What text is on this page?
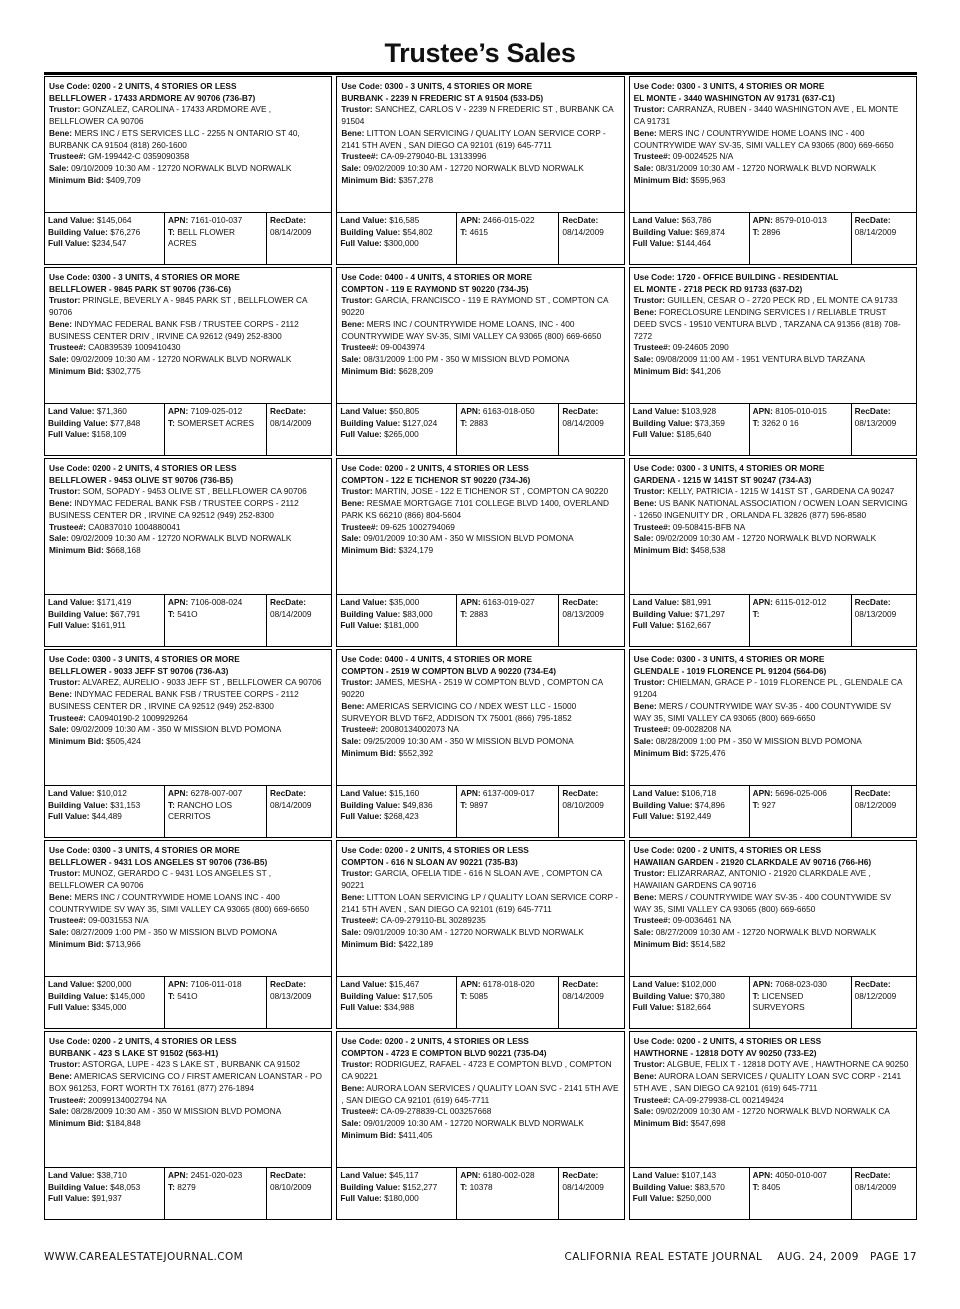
Trustee’s Sales
Use Code: 0200 - 2 UNITS, 4 STORIES OR LESS
BELLFLOWER - 17433 ARDMORE AV 90706 (736-B7)
Trustor: GONZALEZ, CAROLINA - 17433 ARDMORE AVE , BELLFLOWER CA 90706
Bene: MERS INC / ETS SERVICES LLC - 2255 N ONTARIO ST 40, BURBANK CA 91504 (818) 260-1600
Trustee#: GM-199442-C 0359090358
Sale: 09/10/2009 10:30 AM - 12720 NORWALK BLVD NORWALK
Minimum Bid: $409,709
Land Value: $145,064
Building Value: $76,276
Full Value: $234,547
APN: 7161-010-037
T: BELL FLOWER ACRES
RecDate:
08/14/2009
Use Code: 0300 - 3 UNITS, 4 STORIES OR MORE
BURBANK - 2239 N FREDERIC ST A 91504 (533-D5)
Trustor: SANCHEZ, CARLOS V - 2239 N FREDERIC ST , BURBANK CA 91504
Bene: LITTON LOAN SERVICING / QUALITY LOAN SERVICE CORP - 2141 5TH AVEN , SAN DIEGO CA 92101 (619) 645-7711
Trustee#: CA-09-279040-BL 13133996
Sale: 09/02/2009 10:30 AM - 12720 NORWALK BLVD NORWALK
Minimum Bid: $357,278
Land Value: $16,585
Building Value: $54,802
Full Value: $300,000
APN: 2466-015-022
T: 4615
RecDate:
08/14/2009
Use Code: 0300 - 3 UNITS, 4 STORIES OR MORE
EL MONTE - 3440 WASHINGTON AV 91731 (637-C1)
Trustor: CARRANZA, RUBEN - 3440 WASHINGTON AVE , EL MONTE CA 91731
Bene: MERS INC / COUNTRYWIDE HOME LOANS INC - 400 COUNTRYWIDE WAY SV-35, SIMI VALLEY CA 93065 (800) 669-6650
Trustee#: 09-0024525 N/A
Sale: 08/31/2009 10:30 AM - 12720 NORWALK BLVD NORWALK
Minimum Bid: $595,963
Land Value: $63,786
Building Value: $69,874
Full Value: $144,464
APN: 8579-010-013
T: 2896
RecDate:
08/14/2009
Use Code: 0300 - 3 UNITS, 4 STORIES OR MORE
BELLFLOWER - 9845 PARK ST 90706 (736-C6)
Trustor: PRINGLE, BEVERLY A - 9845 PARK ST , BELLFLOWER CA 90706
Bene: INDYMAC FEDERAL BANK FSB / TRUSTEE CORPS - 2112 BUSINESS CENTER DRIV , IRVINE CA 92612 (949) 252-8300
Trustee#: CA0839539 1009410430
Sale: 09/02/2009 10:30 AM - 12720 NORWALK BLVD NORWALK
Minimum Bid: $302,775
Land Value: $71,360
Building Value: $77,848
Full Value: $158,109
APN: 7109-025-012
T: SOMERSET ACRES
RecDate:
08/14/2009
Use Code: 0400 - 4 UNITS, 4 STORIES OR MORE
COMPTON - 119 E RAYMOND ST 90220 (734-J5)
Trustor: GARCIA, FRANCISCO - 119 E RAYMOND ST , COMPTON CA 90220
Bene: MERS INC / COUNTRYWIDE HOME LOANS, INC - 400 COUNTRYWIDE WAY SV-35, SIMI VALLEY CA 93065 (800) 669-6650
Trustee#: 09-0043974
Sale: 08/31/2009 1:00 PM - 350 W MISSION BLVD POMONA
Minimum Bid: $628,209
Land Value: $50,805
Building Value: $127,024
Full Value: $265,000
APN: 6163-018-050
T: 2883
RecDate:
08/14/2009
Use Code: 1720 - OFFICE BUILDING - RESIDENTIAL
EL MONTE - 2718 PECK RD 91733 (637-D2)
Trustor: GUILLEN, CESAR O - 2720 PECK RD , EL MONTE CA 91733
Bene: FORECLOSURE LENDING SERVICES I / RELIABLE TRUST DEED SVCS - 19510 VENTURA BLVD , TARZANA CA 91356 (818) 708-7272
Trustee#: 09-24605 2090
Sale: 09/08/2009 11:00 AM - 1951 VENTURA BLVD TARZANA
Minimum Bid: $41,206
Land Value: $103,928
Building Value: $73,359
Full Value: $185,640
APN: 8105-010-015
T: 3262 0 16
RecDate:
08/13/2009
Use Code: 0200 - 2 UNITS, 4 STORIES OR LESS
BELLFLOWER - 9453 OLIVE ST 90706 (736-B5)
Trustor: SOM, SOPADY - 9453 OLIVE ST , BELLFLOWER CA 90706
Bene: INDYMAC FEDERAL BANK FSB / TRUSTEE CORPS - 2112 BUSINESS CENTER DR , IRVINE CA 92512 (949) 252-8300
Trustee#: CA0837010 1004880041
Sale: 09/02/2009 10:30 AM - 12720 NORWALK BLVD NORWALK
Minimum Bid: $668,168
Land Value: $171,419
Building Value: $67,791
Full Value: $161,911
APN: 7106-008-024
T: 541O
RecDate:
08/14/2009
Use Code: 0200 - 2 UNITS, 4 STORIES OR LESS
COMPTON - 122 E TICHENOR ST 90220 (734-J6)
Trustor: MARTIN, JOSE - 122 E TICHENOR ST , COMPTON CA 90220
Bene: RESMAE MORTGAGE 7101 COLLEGE BLVD 1400, OVERLAND PARK KS 66210 (866) 804-5604
Trustee#: 09-625 1002794069
Sale: 09/01/2009 10:30 AM - 350 W MISSION BLVD POMONA
Minimum Bid: $324,179
Land Value: $35,000
Building Value: $83,000
Full Value: $181,000
APN: 6163-019-027
T: 2883
RecDate:
08/13/2009
Use Code: 0300 - 3 UNITS, 4 STORIES OR MORE
GARDENA - 1215 W 141ST ST 90247 (734-A3)
Trustor: KELLY, PATRICIA - 1215 W 141ST ST , GARDENA CA 90247
Bene: US BANK NATIONAL ASSOCIATION / OCWEN LOAN SERVICING - 12650 INGENUITY DR , ORLANDA FL 32826 (877) 596-8580
Trustee#: 09-508415-BFB NA
Sale: 09/02/2009 10:30 AM - 12720 NORWALK BLVD NORWALK
Minimum Bid: $458,538
Land Value: $81,991
Building Value: $71,297
Full Value: $162,667
APN: 6115-012-012
T:
RecDate:
08/13/2009
Use Code: 0300 - 3 UNITS, 4 STORIES OR MORE
BELLFLOWER - 9033 JEFF ST 90706 (736-A3)
Trustor: ALVAREZ, AURELIO - 9033 JEFF ST , BELLFLOWER CA 90706
Bene: INDYMAC FEDERAL BANK FSB / TRUSTEE CORPS - 2112 BUSINESS CENTER DR , IRVINE CA 92512 (949) 252-8300
Trustee#: CA0940190-2 1009929264
Sale: 09/02/2009 10:30 AM - 350 W MISSION BLVD POMONA
Minimum Bid: $505,424
Land Value: $10,012
Building Value: $31,153
Full Value: $44,489
APN: 6278-007-007
T: RANCHO LOS CERRITOS
RecDate:
08/14/2009
Use Code: 0400 - 4 UNITS, 4 STORIES OR MORE
COMPTON - 2519 W COMPTON BLVD A 90220 (734-E4)
Trustor: JAMES, MESHA - 2519 W COMPTON BLVD , COMPTON CA 90220
Bene: AMERICAS SERVICING CO / NDEX WEST LLC - 15000 SURVEYOR BLVD T6F2, ADDISON TX 75001 (866) 795-1852
Trustee#: 20080134002073 NA
Sale: 09/25/2009 10:30 AM - 350 W MISSION BLVD POMONA
Minimum Bid: $552,392
Land Value: $15,160
Building Value: $49,836
Full Value: $268,423
APN: 6137-009-017
T: 9897
RecDate:
08/10/2009
Use Code: 0300 - 3 UNITS, 4 STORIES OR MORE
GLENDALE - 1019 FLORENCE PL 91204 (564-D6)
Trustor: CHIELMAN, GRACE P - 1019 FLORENCE PL , GLENDALE CA 91204
Bene: MERS / COUNTRYWIDE WAY SV-35 - 400 COUNTYWIDE SV WAY 35, SIMI VALLEY CA 93065 (800) 669-6650
Trustee#: 09-0028208 NA
Sale: 08/28/2009 1:00 PM - 350 W MISSION BLVD POMONA
Minimum Bid: $725,476
Land Value: $106,718
Building Value: $74,896
Full Value: $192,449
APN: 5696-025-006
T: 927
RecDate:
08/12/2009
Use Code: 0300 - 3 UNITS, 4 STORIES OR MORE
BELLFLOWER - 9431 LOS ANGELES ST 90706 (736-B5)
Trustor: MUNOZ, GERARDO C - 9431 LOS ANGELES ST , BELLFLOWER CA 90706
Bene: MERS INC / COUNTRYWIDE HOME LOANS INC - 400 COUNTRYWIDE SV WAY 35, SIMI VALLEY CA 93065 (800) 669-6650
Trustee#: 09-0031553 N/A
Sale: 08/27/2009 1:00 PM - 350 W MISSION BLVD POMONA
Minimum Bid: $713,966
Land Value: $200,000
Building Value: $145,000
Full Value: $345,000
APN: 7106-011-018
T: 541O
RecDate:
08/13/2009
Use Code: 0200 - 2 UNITS, 4 STORIES OR LESS
COMPTON - 616 N SLOAN AV 90221 (735-B3)
Trustor: GARCIA, OFELIA TIDE - 616 N SLOAN AVE , COMPTON CA 90221
Bene: LITTON LOAN SERVICING LP / QUALITY LOAN SERVICE CORP - 2141 5TH AVEN , SAN DIEGO CA 92101 (619) 645-7711
Trustee#: CA-09-279110-BL 30289235
Sale: 09/01/2009 10:30 AM - 12720 NORWALK BLVD NORWALK
Minimum Bid: $422,189
Land Value: $15,467
Building Value: $17,505
Full Value: $34,988
APN: 6178-018-020
T: 5085
RecDate:
08/14/2009
Use Code: 0200 - 2 UNITS, 4 STORIES OR LESS
HAWAIIAN GARDEN - 21920 CLARKDALE AV 90716 (766-H6)
Trustor: ELIZARRARAZ, ANTONIO - 21920 CLARKDALE AVE , HAWAIIAN GARDENS CA 90716
Bene: MERS / COUNTRYWIDE WAY SV-35 - 400 COUNTYWIDE SV WAY 35, SIMI VALLEY CA 93065 (800) 669-6650
Trustee#: 09-0036461 NA
Sale: 08/27/2009 10:30 AM - 12720 NORWALK BLVD NORWALK
Minimum Bid: $514,582
Land Value: $102,000
Building Value: $70,380
Full Value: $182,664
APN: 7068-023-030
T: LICENSED SURVEYORS
RecDate:
08/12/2009
Use Code: 0200 - 2 UNITS, 4 STORIES OR LESS
BURBANK - 423 S LAKE ST 91502 (563-H1)
Trustor: ASTORGA, LUPE - 423 S LAKE ST , BURBANK CA 91502
Bene: AMERICAS SERVICING CO / FIRST AMERICAN LOANSTAR - PO BOX 961253, FORT WORTH TX 76161 (877) 276-1894
Trustee#: 20099134002794 NA
Sale: 08/28/2009 10:30 AM - 350 W MISSION BLVD POMONA
Minimum Bid: $184,848
Land Value: $38,710
Building Value: $48,053
Full Value: $91,937
APN: 2451-020-023
T: 8279
RecDate:
08/10/2009
Use Code: 0200 - 2 UNITS, 4 STORIES OR LESS
COMPTON - 4723 E COMPTON BLVD 90221 (735-D4)
Trustor: RODRIGUEZ, RAFAEL - 4723 E COMPTON BLVD , COMPTON CA 90221
Bene: AURORA LOAN SERVICES / QUALITY LOAN SVC - 2141 5TH AVE , SAN DIEGO CA 92101 (619) 645-7711
Trustee#: CA-09-278839-CL 003257668
Sale: 09/01/2009 10:30 AM - 12720 NORWALK BLVD NORWALK
Minimum Bid: $411,405
Land Value: $45,117
Building Value: $152,277
Full Value: $180,000
APN: 6180-002-028
T: 10378
RecDate:
08/14/2009
Use Code: 0200 - 2 UNITS, 4 STORIES OR LESS
HAWTHORNE - 12818 DOTY AV 90250 (733-E2)
Trustor: ALGBUE, FELIX T - 12818 DOTY AVE , HAWTHORNE CA 90250
Bene: AURORA LOAN SERVICES / QUALITY LOAN SVC CORP - 2141 5TH AVE , SAN DIEGO CA 92101 (619) 645-7711
Trustee#: CA-09-279938-CL 002149424
Sale: 09/02/2009 10:30 AM - 12720 NORWALK BLVD NORWALK CA
Minimum Bid: $547,698
Land Value: $107,143
Building Value: $83,570
Full Value: $250,000
APN: 4050-010-007
T: 8405
RecDate:
08/14/2009
WWW.CAREALESTATEJOURNAL.COM	CALIFORNIA REAL ESTATE JOURNAL    AUG. 24, 2009   PAGE 17
